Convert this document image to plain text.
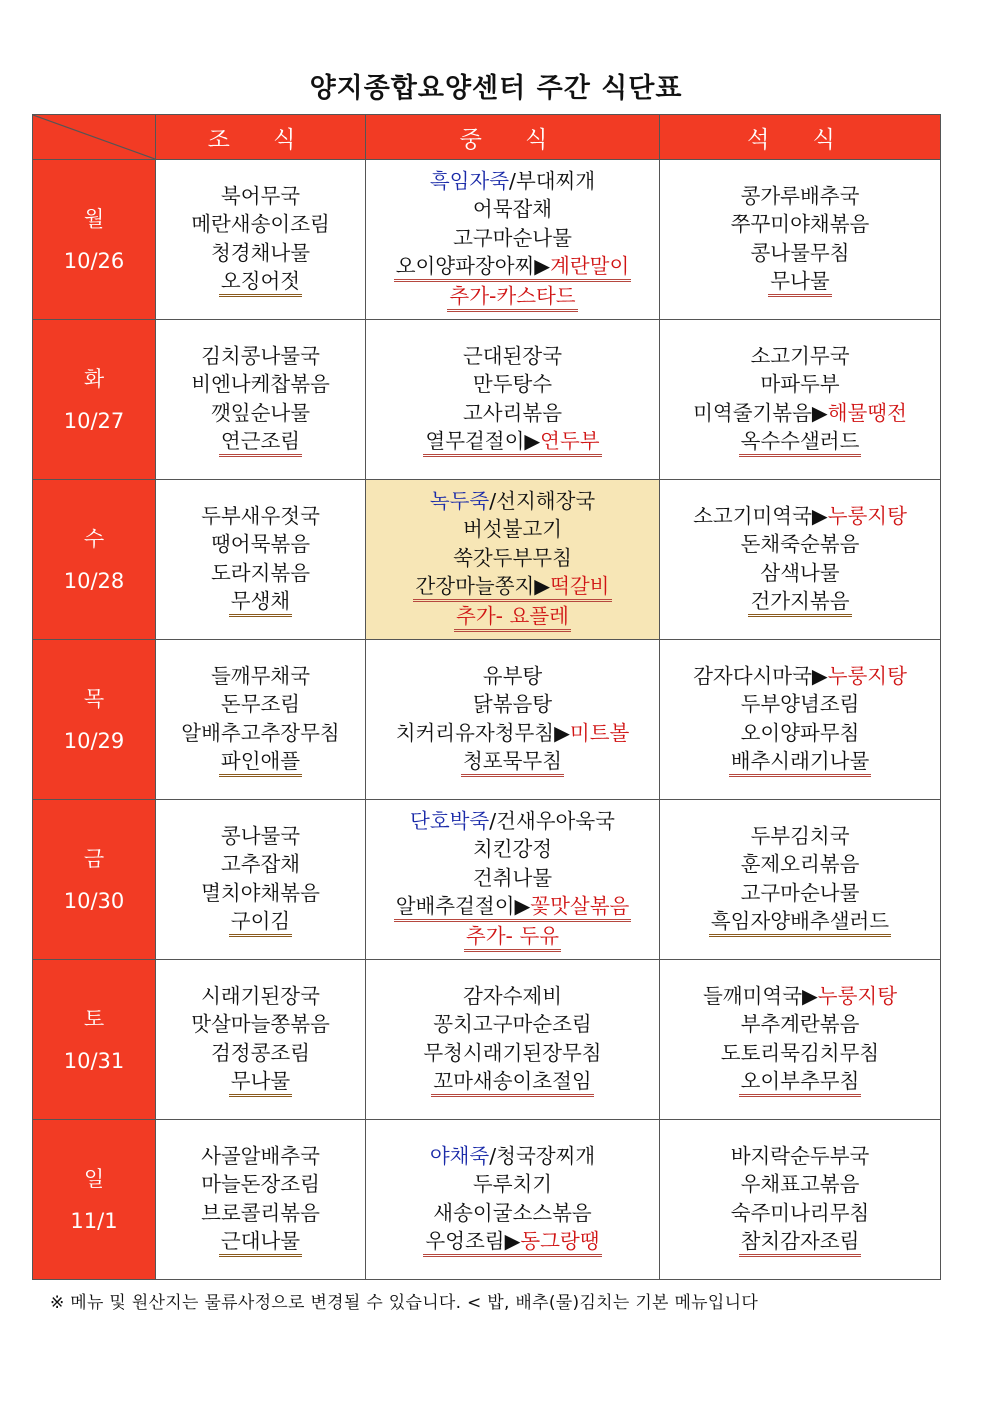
양지종합요양센터 주간 식단표
	조 식	중 식	석 식

월
10/26	북어무국
메란새송이조림
청경채나물
오징어젓	흑임자죽/부대찌개
어묵잡채
고구마순나물
오이양파장아찌▶계란말이
추가-카스타드	콩가루배추국
쭈꾸미야채볶음
콩나물무침
무나물

화
10/27	김치콩나물국
비엔나케찹볶음
깻잎순나물
연근조림	근대된장국
만두탕수
고사리볶음
열무겉절이▶연두부	소고기무국
마파두부
미역줄기볶음▶해물땡전
옥수수샐러드

수
10/28	두부새우젓국
땡어묵볶음
도라지볶음
무생채	녹두죽/선지해장국
버섯불고기
쑥갓두부무침
간장마늘쫑지▶떡갈비
추가- 요플레	소고기미역국▶누룽지탕
돈채죽순볶음
삼색나물
건가지볶음

목
10/29	들깨무채국
돈무조림
알배추고추장무침
파인애플	유부탕
닭볶음탕
치커리유자청무침▶미트볼
청포묵무침	감자다시마국▶누룽지탕
두부양념조림
오이양파무침
배추시래기나물

금
10/30	콩나물국
고추잡채
멸치야채볶음
구이김	단호박죽/건새우아욱국
치킨강정
건취나물
알배추겉절이▶꽃맛살볶음
추가- 두유	두부김치국
훈제오리볶음
고구마순나물
흑임자양배추샐러드

토
10/31	시래기된장국
맛살마늘쫑볶음
검정콩조림
무나물	감자수제비
꽁치고구마순조림
무청시래기된장무침
꼬마새송이초절임	들깨미역국▶누룽지탕
부추계란볶음
도토리묵김치무침
오이부추무침

일
11/1	사골알배추국
마늘돈장조림
브로콜리볶음
근대나물	야채죽/청국장찌개
두루치기
새송이굴소스볶음
우엉조림▶동그랑땡	바지락순두부국
우채표고볶음
숙주미나리무침
참치감자조림
※ 메뉴 및 원산지는 물류사정으로 변경될 수 있습니다. < 밥, 배추(물)김치는 기본 메뉴입니다
